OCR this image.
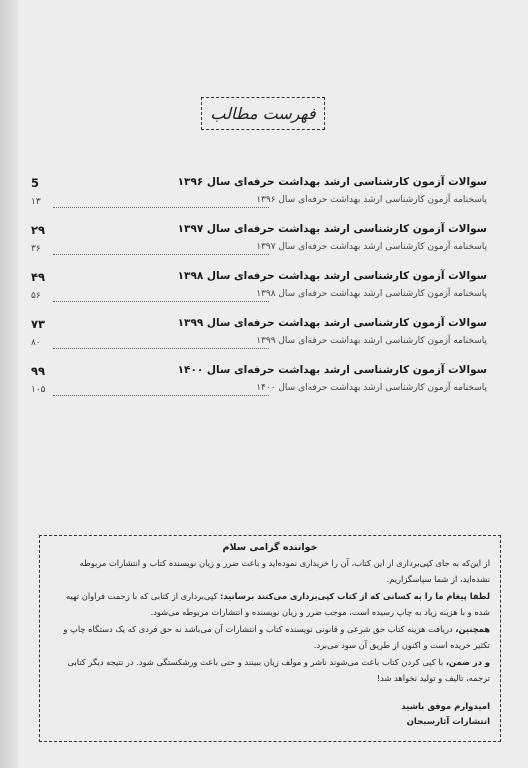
فهرست مطالب
سوالات آزمون کارشناسی ارشد بهداشت حرفه‌ای سال ۱۳۹۶
5
پاسخنامه آزمون کارشناسی ارشد بهداشت حرفه‌ای سال ۱۳۹۶
۱۳
سوالات آزمون کارشناسی ارشد بهداشت حرفه‌ای سال ۱۳۹۷
۲۹
پاسخنامه آزمون کارشناسی ارشد بهداشت حرفه‌ای سال ۱۳۹۷
۳۶
سوالات آزمون کارشناسی ارشد بهداشت حرفه‌ای سال ۱۳۹۸
۴۹
پاسخنامه آزمون کارشناسی ارشد بهداشت حرفه‌ای سال ۱۳۹۸
۵۶
سوالات آزمون کارشناسی ارشد بهداشت حرفه‌ای سال ۱۳۹۹
۷۳
پاسخنامه آزمون کارشناسی ارشد بهداشت حرفه‌ای سال ۱۳۹۹
۸۰
سوالات آزمون کارشناسی ارشد بهداشت حرفه‌ای سال ۱۴۰۰
۹۹
پاسخنامه آزمون کارشناسی ارشد بهداشت حرفه‌ای سال ۱۴۰۰
۱۰۵
خواننده گرامی سلام

از این‌که به جای کپی‌برداری از این کتاب، آن را خریداری نموده‌اید و باعث ضرر و زیان نویسنده کتاب و انتشارات مربوطه نشده‌اید، از شما سپاسگزاریم.

لطفا پیغام ما را به کسانی که از کتاب کپی‌برداری می‌کنند برسانید: کپی‌برداری از کتابی که با زحمت فراوان تهیه شده و با هزینه زیاد به چاپ رسیده است، موجب ضرر و زیان نویسنده و انتشارات مربوطه می‌شود.

همچنین، دریافت هزینه کتاب حق شرعی و قانونی نویسنده کتاب و انتشارات آن می‌باشد نه حق فردی که یک دستگاه چاپ و تکثیر خریده است و اکنون از طریق آن سود می‌برد.

و در ضمن، با کپی کردن کتاب باعث می‌شوند ناشر و مولف زیان ببینند و حتی باعث ورشکستگی شود. در نتیجه دیگر کتابی ترجمه، تالیف و تولید نخواهد شد!

امیدوارم موفق باشید
انتشارات آثارسبحان
